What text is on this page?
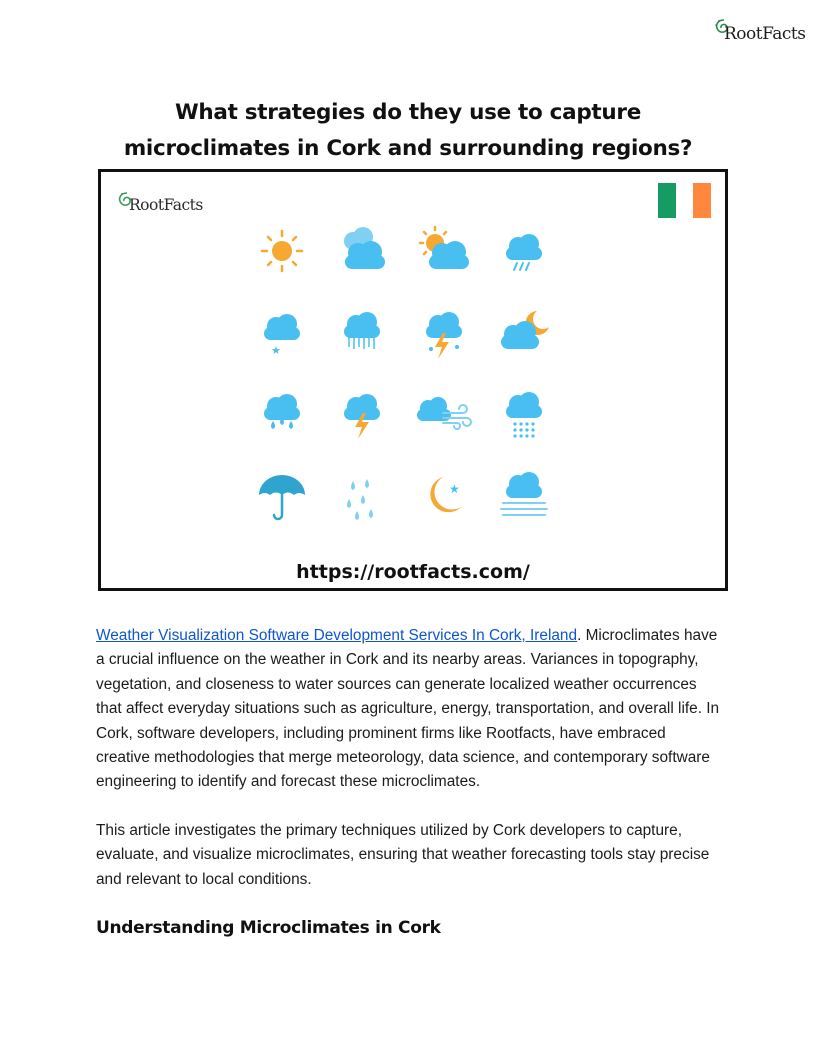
RootFacts
What strategies do they use to capture microclimates in Cork and surrounding regions?
RootFacts
★
★
★
https://rootfacts.com/

Weather Visualization Software Development Services In Cork, Ireland. Microclimates have a crucial influence on the weather in Cork and its nearby areas. Variances in topography, vegetation, and closeness to water sources can generate localized weather occurrences that affect everyday situations such as agriculture, energy, transportation, and overall life. In Cork, software developers, including prominent firms like Rootfacts, have embraced creative methodologies that merge meteorology, data science, and contemporary software engineering to identify and forecast these microclimates.

This article investigates the primary techniques utilized by Cork developers to capture, evaluate, and visualize microclimates, ensuring that weather forecasting tools stay precise and relevant to local conditions.

Understanding Microclimates in Cork
